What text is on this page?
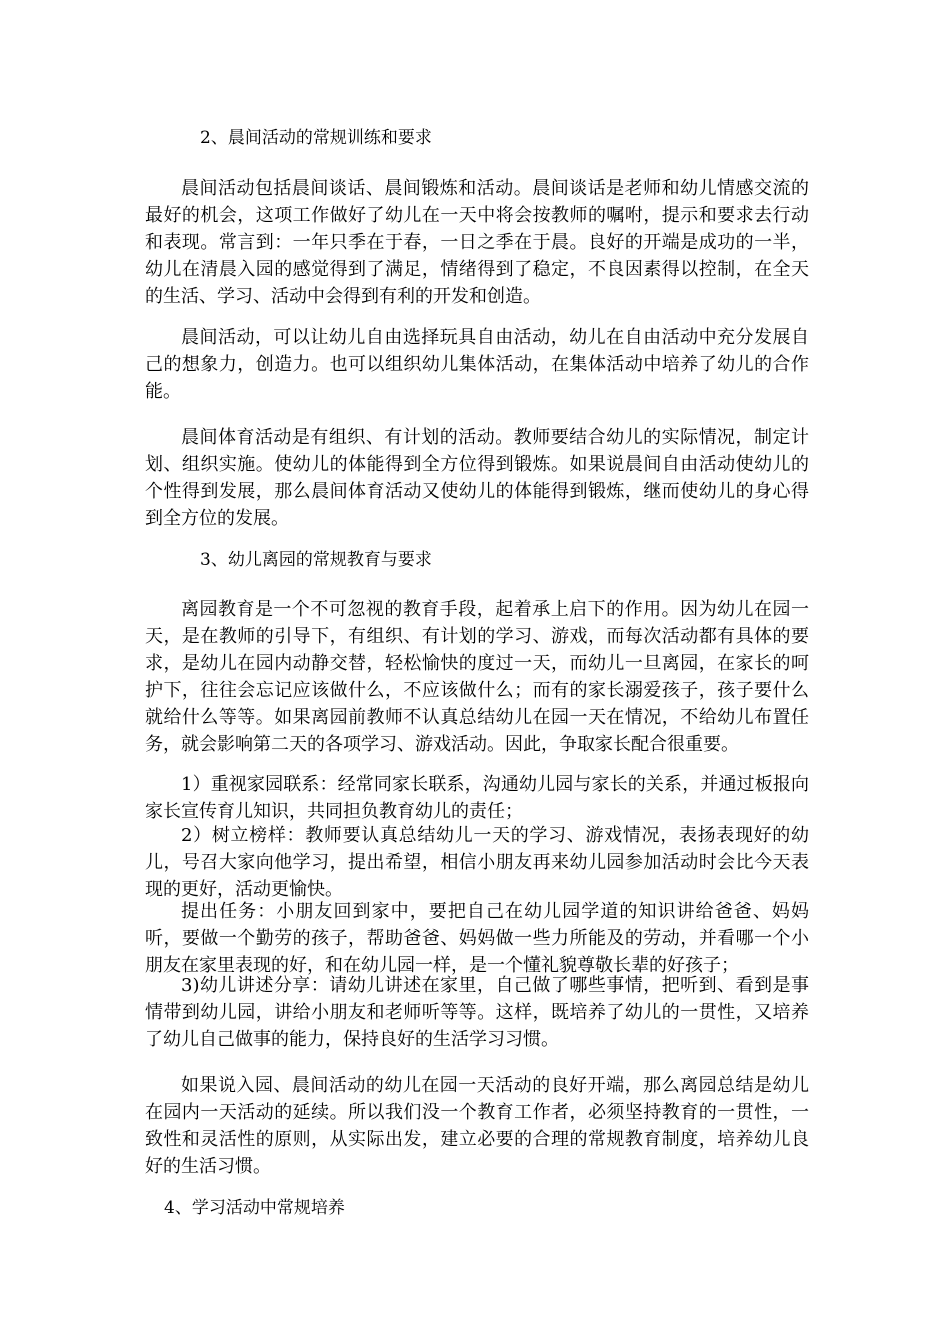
2、晨间活动的常规训练和要求

晨间活动包括晨间谈话、晨间锻炼和活动。晨间谈话是老师和幼儿情感交流的最好的机会，这项工作做好了幼儿在一天中将会按教师的嘱咐，提示和要求去行动和表现。常言到：一年只季在于春，一日之季在于晨。良好的开端是成功的一半，幼儿在清晨入园的感觉得到了满足，情绪得到了稳定，不良因素得以控制，在全天的生活、学习、活动中会得到有利的开发和创造。

晨间活动，可以让幼儿自由选择玩具自由活动，幼儿在自由活动中充分发展自己的想象力，创造力。也可以组织幼儿集体活动，在集体活动中培养了幼儿的合作能。

晨间体育活动是有组织、有计划的活动。教师要结合幼儿的实际情况，制定计划、组织实施。使幼儿的体能得到全方位得到锻炼。如果说晨间自由活动使幼儿的个性得到发展，那么晨间体育活动又使幼儿的体能得到锻炼，继而使幼儿的身心得到全方位的发展。

3、幼儿离园的常规教育与要求

离园教育是一个不可忽视的教育手段，起着承上启下的作用。因为幼儿在园一天，是在教师的引导下，有组织、有计划的学习、游戏，而每次活动都有具体的要求，是幼儿在园内动静交替，轻松愉快的度过一天，而幼儿一旦离园，在家长的呵护下，往往会忘记应该做什么，不应该做什么；而有的家长溺爱孩子，孩子要什么就给什么等等。如果离园前教师不认真总结幼儿在园一天在情况，不给幼儿布置任务，就会影响第二天的各项学习、游戏活动。因此，争取家长配合很重要。

1）重视家园联系：经常同家长联系，沟通幼儿园与家长的关系，并通过板报向家长宣传育儿知识，共同担负教育幼儿的责任；

2）树立榜样：教师要认真总结幼儿一天的学习、游戏情况，表扬表现好的幼儿，号召大家向他学习，提出希望，相信小朋友再来幼儿园参加活动时会比今天表现的更好，活动更愉快。

提出任务：小朋友回到家中，要把自己在幼儿园学道的知识讲给爸爸、妈妈听，要做一个勤劳的孩子，帮助爸爸、妈妈做一些力所能及的劳动，并看哪一个小朋友在家里表现的好，和在幼儿园一样，是一个懂礼貌尊敬长辈的好孩子；

3)幼儿讲述分享：请幼儿讲述在家里，自己做了哪些事情，把听到、看到是事情带到幼儿园，讲给小朋友和老师听等等。这样，既培养了幼儿的一贯性，又培养了幼儿自己做事的能力，保持良好的生活学习习惯。

如果说入园、晨间活动的幼儿在园一天活动的良好开端，那么离园总结是幼儿在园内一天活动的延续。所以我们没一个教育工作者，必须坚持教育的一贯性，一致性和灵活性的原则，从实际出发，建立必要的合理的常规教育制度，培养幼儿良好的生活习惯。

4、学习活动中常规培养
